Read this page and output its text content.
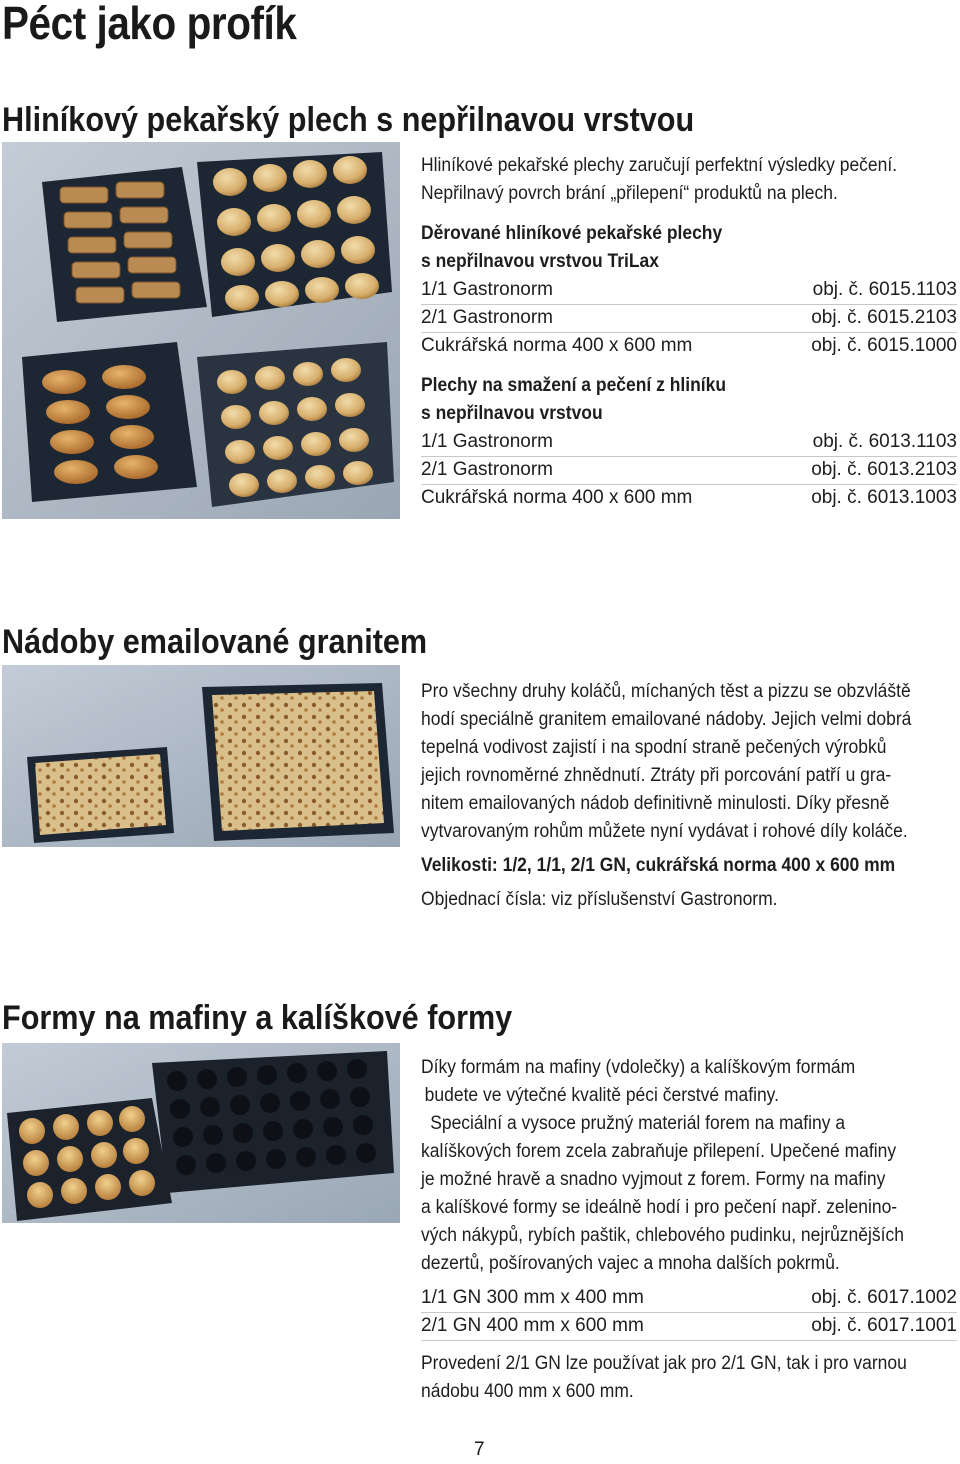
Péct jako profík
Hliníkový pekařský plech s nepřilnavou vrstvou
Hliníkové pekařské plechy zaručují perfektní výsledky pečení.
Nepřilnavý povrch brání „přilepení“ produktů na plech.
Děrované hliníkové pekařské plechy
s nepřilnavou vrstvou TriLax
1/1 Gastronorm	obj. č. 6015.1103
2/1 Gastronorm	obj. č. 6015.2103
Cukrářská norma 400 x 600 mm	obj. č. 6015.1000
Plechy na smažení a pečení z hliníku
s nepřilnavou vrstvou
1/1 Gastronorm	obj. č. 6013.1103
2/1 Gastronorm	obj. č. 6013.2103
Cukrářská norma 400 x 600 mm	obj. č. 6013.1003
Nádoby emailované granitem
Pro všechny druhy koláčů, míchaných těst a pizzu se obzvláště
hodí speciálně granitem emailované nádoby. Jejich velmi dobrá
tepelná vodivost zajistí i na spodní straně pečených výrobků
jejich rovnoměrné zhnědnutí. Ztráty při porcování patří u gra-
nitem emailovaných nádob definitivně minulosti. Díky přesně
vytvarovaným rohům můžete nyní vydávat i rohové díly koláče.
Velikosti: 1/2, 1/1, 2/1 GN, cukrářská norma 400 x 600 mm
Objednací čísla: viz příslušenství Gastronorm.
Formy na mafiny a kalíškové formy
Díky formám na mafiny (vdolečky) a kalíškovým formám
budete ve výtečné kvalitě péci čerstvé mafiny.
Speciální a vysoce pružný materiál forem na mafiny a
kalíškových forem zcela zabraňuje přilepení. Upečené mafiny
je možné hravě a snadno vyjmout z forem. Formy na mafiny
a kalíškové formy se ideálně hodí i pro pečení např. zelenino-
vých nákypů, rybích paštik, chlebového pudinku, nejrůznějších
dezertů, pošírovaných vajec a mnoha dalších pokrmů.
1/1 GN 300 mm x 400 mm	obj. č. 6017.1002
2/1 GN 400 mm x 600 mm	obj. č. 6017.1001
Provedení 2/1 GN lze používat jak pro 2/1 GN, tak i pro varnou
nádobu 400 mm x 600 mm.
7
